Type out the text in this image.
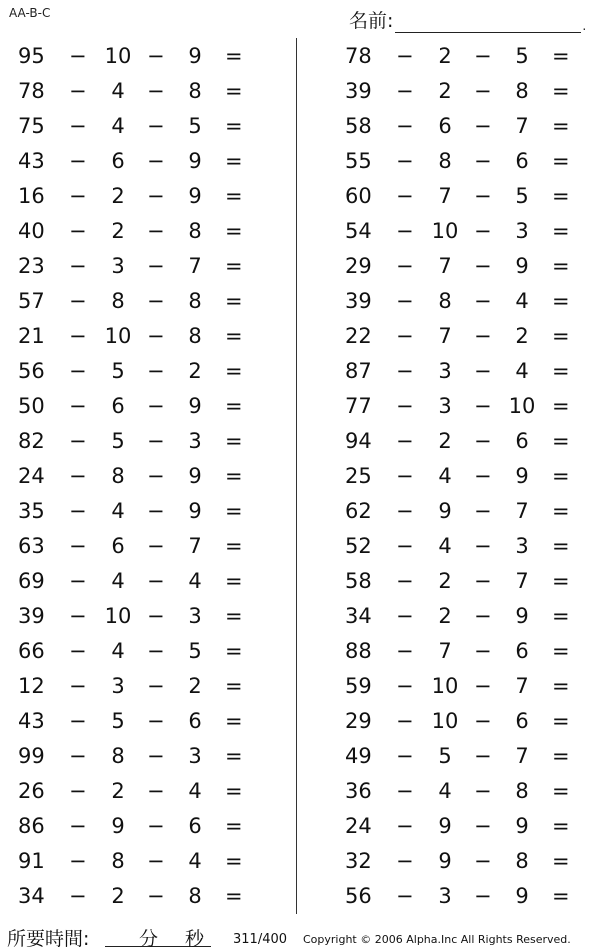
AA-B-C	名前:	.
95 − 10 −	9	=
78 −	4	−	8	=
75 −	4	−	5	=
43 −	6	−	9	=
16 −	2	−	9	=
40 −	2	−	8	=
23 −	3	−	7	=
57 −	8	−	8	=
21 − 10 −	8	=
56 −	5	−	2	=
50 −	6	−	9	=
82 −	5	−	3	=
24 −	8	−	9	=
35 −	4	−	9	=
63 −	6	−	7	=
69 −	4	−	4	=
39 − 10 −	3	=
66 −	4	−	5	=
12 −	3	−	2	=
43 −	5	−	6	=
99 −	8	−	3	=
26 −	2	−	4	=
86 −	9	−	6	=
91 −	8	−	4	=
34 −	2	−	8	=
78 −	2	−	5	=
39 −	2	−	8	=
58 −	6	−	7	=
55 −	8	−	6	=
60 −	7	−	5	=
54 − 10 −	3	=
29 −	7	−	9	=
39 −	8	−	4	=
22 −	7	−	2	=
87 −	3	−	4	=
77 −	3	− 10 =
94 −	2	−	6	=
25 −	4	−	9	=
62 −	9	−	7	=
52 −	4	−	3	=
58 −	2	−	7	=
34 −	2	−	9	=
88 −	7	−	6	=
59 − 10 −	7	=
29 − 10 −	6	=
49 −	5	−	7	=
36 −	4	−	8	=
24 −	9	−	9	=
32 −	9	−	8	=
56 −	3	−	9	=
所要時間:	分 秒 311/400 Copyright © 2006 Alpha.Inc All Rights Reserved.
